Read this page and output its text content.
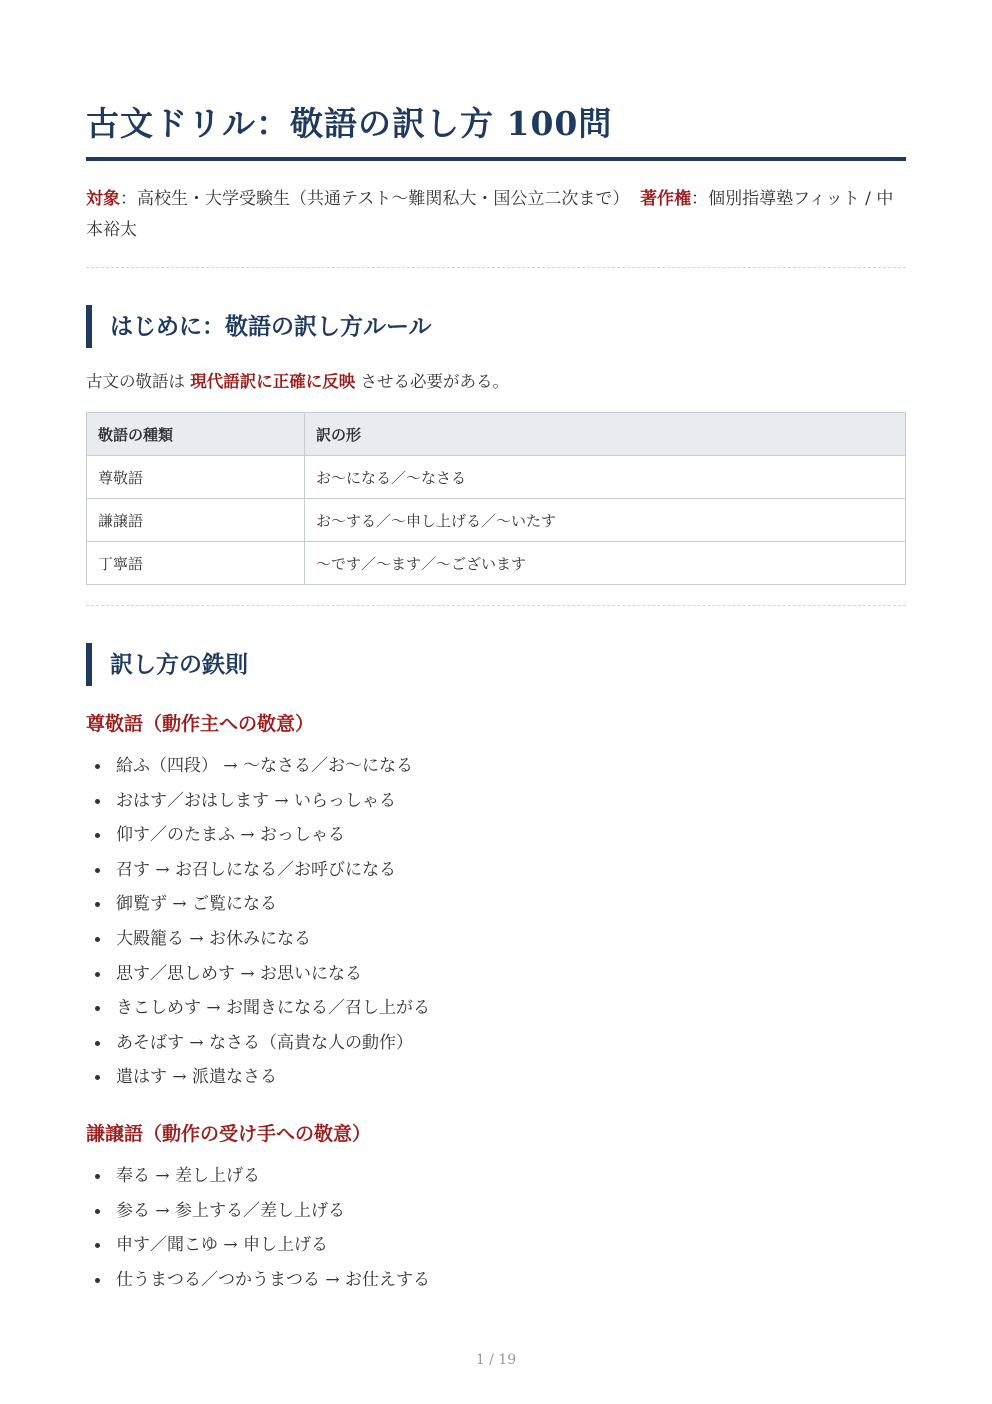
古文ドリル：敬語の訳し方 100問

対象：高校生・大学受験生（共通テスト〜難関私大・国公立二次まで） 著作権：個別指導塾フィット / 中本裕太

はじめに：敬語の訳し方ルール

古文の敬語は 現代語訳に正確に反映 させる必要がある。

敬語の種類	訳の形
尊敬語	お〜になる／〜なさる
謙譲語	お〜する／〜申し上げる／〜いたす
丁寧語	〜です／〜ます／〜ございます
訳し方の鉄則
尊敬語（動作主への敬意）
給ふ（四段） → 〜なさる／お〜になる
おはす／おはします → いらっしゃる
仰す／のたまふ → おっしゃる
召す → お召しになる／お呼びになる
御覧ず → ご覧になる
大殿籠る → お休みになる
思す／思しめす → お思いになる
きこしめす → お聞きになる／召し上がる
あそばす → なさる（高貴な人の動作）
遣はす → 派遣なさる
謙譲語（動作の受け手への敬意）
奉る → 差し上げる
参る → 参上する／差し上げる
申す／聞こゆ → 申し上げる
仕うまつる／つかうまつる → お仕えする
1 / 19
